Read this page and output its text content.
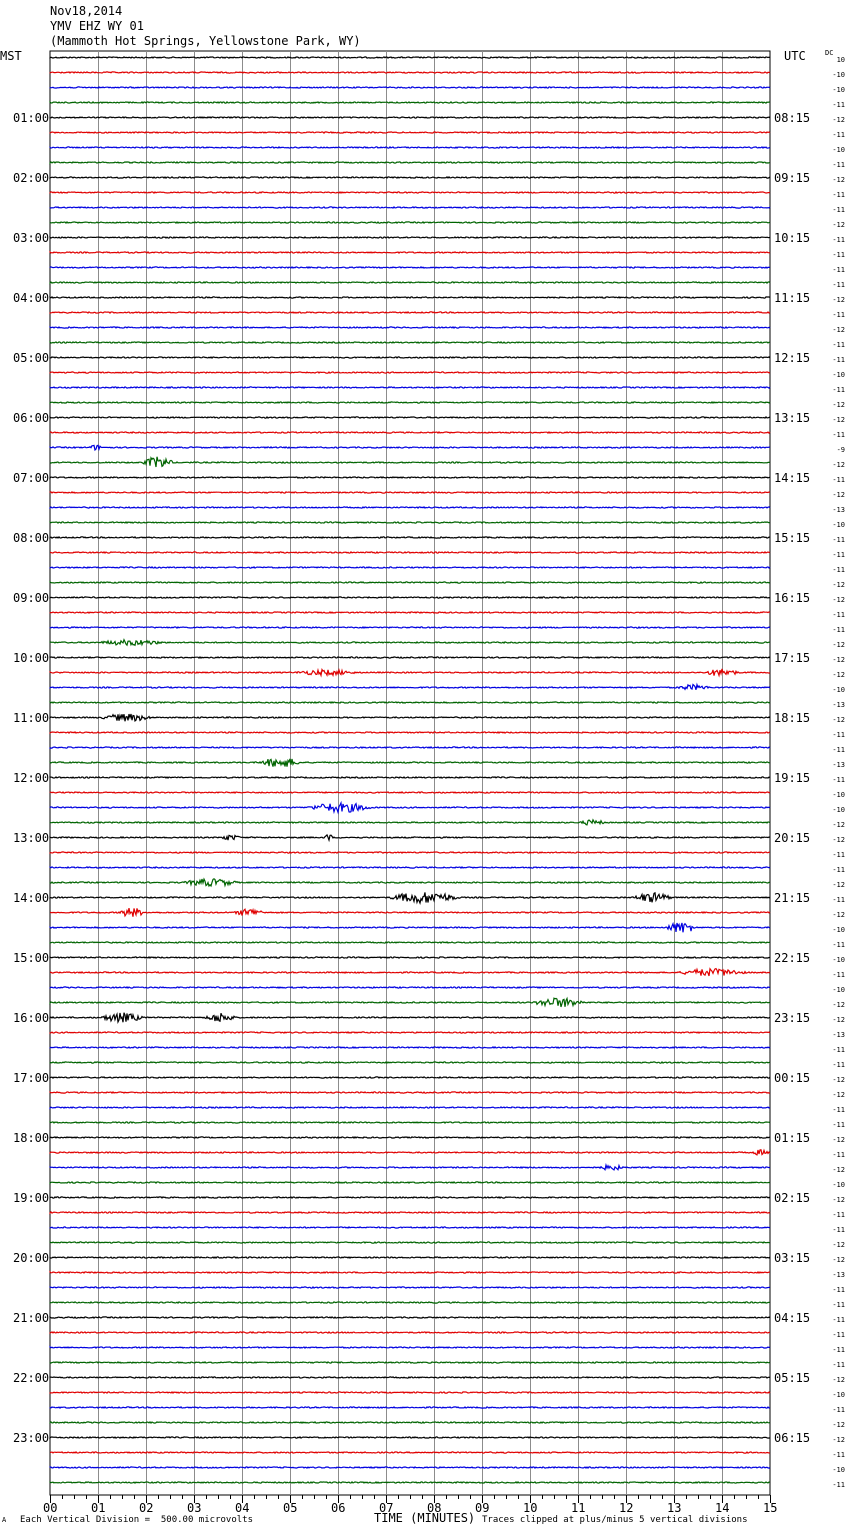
Nov18,2014
YMV EHZ WY 01
(Mammoth Hot Springs, Yellowstone Park, WY)
MST	UTC	DC
00	01	02	03	04	05	06	07	08	09	10	11	12	13	14	15
01:00
02:00
03:00
04:00
05:00
06:00
07:00
08:00
09:00
10:00
11:00
12:00
13:00
14:00
15:00
16:00
17:00
18:00
19:00
20:00
21:00
22:00
23:00
08:15
09:15
10:15
11:15
12:15
13:15
14:15
15:15
16:15
17:15
18:15
19:15
20:15
21:15
22:15
23:15
00:15
01:15
02:15
03:15
04:15
05:15
06:15
10
-10
-10
-11
-12
-11
-10
-11
-12
-11
-11
-12
-11
-11
-11
-11
-12
-11
-12
-11
-11
-10
-11
-12
-12
-11
-9
-12
-11
-12
-13
-10
-11
-11
-11
-12
-12
-11
-11
-12
-12
-12
-10
-13
-12
-11
-11
-13
-11
-10
-10
-12
-12
-11
-11
-12
-11
-12
-10
-11
-10
-11
-10
-12
-12
-13
-11
-11
-12
-12
-11
-11
-12
-11
-12
-10
-12
-11
-11
-12
-12
-13
-11
-11
-11
-11
-11
-11
-12
-10
-11
-12
-12
-11
-10
-11
A Each Vertical Division =  500.00 microvolts	TIME (MINUTES) Traces clipped at plus/minus 5 vertical divisions
